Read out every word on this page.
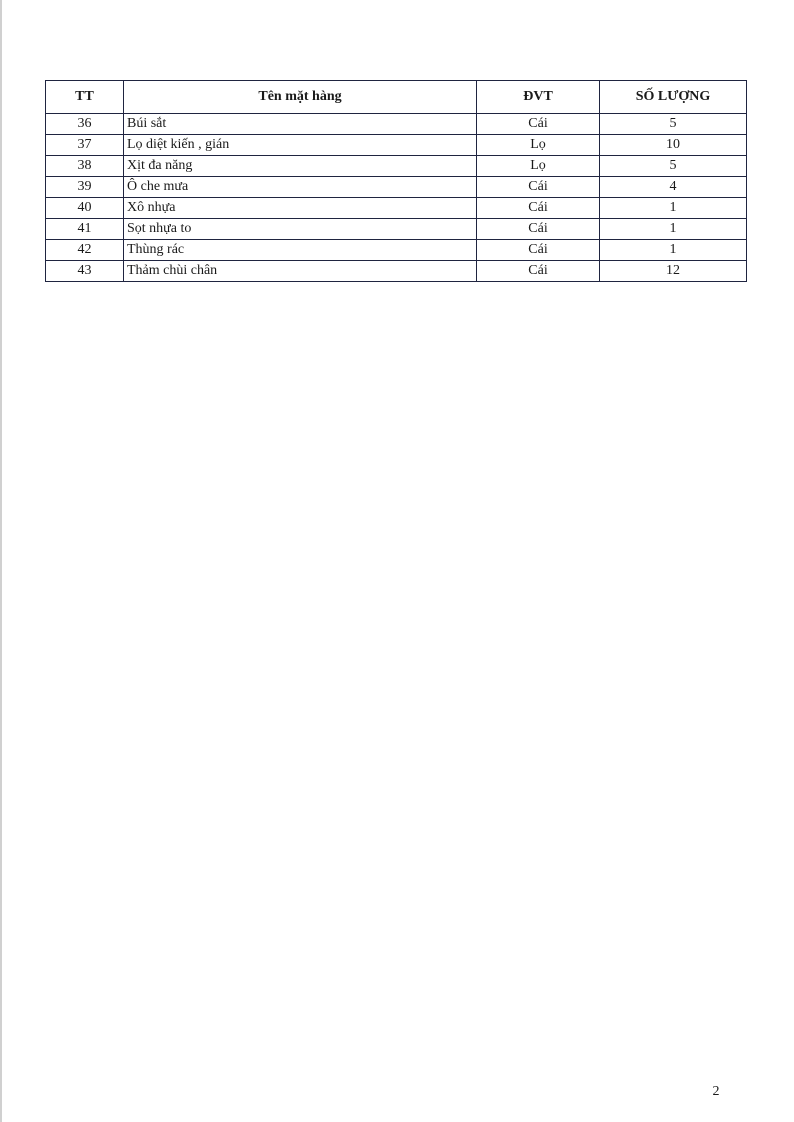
TT	Tên mặt hàng	ĐVT	SỐ LƯỢNG
36	Búi sắt	Cái	5
37	Lọ diệt kiến , gián	Lọ	10
38	Xịt đa năng	Lọ	5
39	Ô che mưa	Cái	4
40	Xô nhựa	Cái	1
41	Sọt nhựa to	Cái	1
42	Thùng rác	Cái	1
43	Thảm chùi chân	Cái	12
2
